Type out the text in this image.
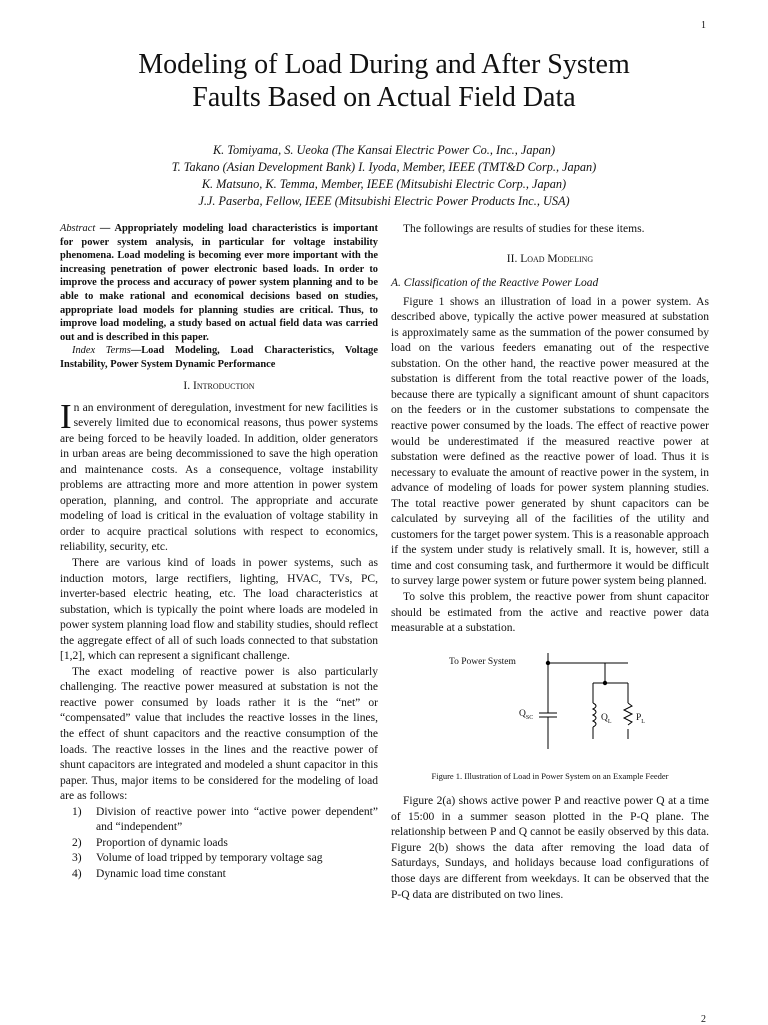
1
Modeling of Load During and After System
Faults Based on Actual Field Data
K. Tomiyama, S. Ueoka (The Kansai Electric Power Co., Inc., Japan)
T. Takano (Asian Development Bank) I. Iyoda, Member, IEEE (TMT&D Corp., Japan)
K. Matsuno, K. Temma, Member, IEEE (Mitsubishi Electric Corp., Japan)
J.J. Paserba, Fellow, IEEE (Mitsubishi Electric Power Products Inc., USA)

Abstract — Appropriately modeling load characteristics is important for power system analysis, in particular for voltage instability phenomena. Load modeling is becoming ever more important with the increasing penetration of power electronic based loads. In order to improve the process and accuracy of power system planning and to be able to make rational and economical decisions based on studies, appropriate load models for planning studies are critical. Thus, to improve load modeling, a study based on actual field data was carried out and is described in this paper.

Index Terms—Load Modeling, Load Characteristics, Voltage Instability, Power System Dynamic Performance

I. Introduction

In an environment of deregulation, investment for new facilities is severely limited due to economical reasons, thus power systems are being forced to be heavily loaded. In addition, older generators in urban areas are being decommissioned to save the high operation and maintenance costs. As a consequence, voltage instability problems are attracting more and more attention in power system operation, planning, and control. The appropriate and accurate modeling of load is critical in the evaluation of voltage stability in order to acquire practical solutions with respect to economics, reliability, security, etc.

There are various kind of loads in power systems, such as induction motors, large rectifiers, lighting, HVAC, TVs, PC, inverter-based electric heating, etc. The load characteristics at substation, which is typically the point where loads are modeled in power system planning load flow and stability studies, should reflect the aggregate effect of all of such loads connected to that substation [1,2], which can represent a significant challenge.

The exact modeling of reactive power is also particularly challenging. The reactive power measured at substation is not the reactive power consumed by loads rather it is the “net” or “compensated” value that includes the reactive losses in the lines, the effect of shunt capacitors and the reactive consumption of the loads. The reactive losses in the lines and the reactive power of shunt capacitors are integrated and modeled a shunt capacitor in this paper. Thus, major items to be considered for the modeling of load are as follows:

1) Division of reactive power into “active power dependent” and “independent”
2) Proportion of dynamic loads
3) Volume of load tripped by temporary voltage sag
4) Dynamic load time constant

The followings are results of studies for these items.

II. Load Modeling
A. Classification of the Reactive Power Load

Figure 1 shows an illustration of load in a power system. As described above, typically the active power measured at substation is approximately same as the summation of the power consumed by load on the various feeders emanating out of the respective substation. On the other hand, the reactive power measured at the substation is different from the total reactive power of the loads, because there are typically a significant amount of shunt capacitors on the feeders or in the customer substations to compensate the reactive power consumed by the loads. The effect of reactive power would be underestimated if the measured reactive power at substation were defined as the reactive power of load. Thus it is necessary to evaluate the amount of reactive power in the system, in advance of modeling of loads for power system planning studies. The total reactive power generated by shunt capacitors can be calculated by surveying all of the facilities of the utility and customers for the target power system. This is a reasonable approach if the system under study is relatively small. It is, however, still a time and cost consuming task, and furthermore it would be difficult to survey large power system or future power system being planned.

To solve this problem, the reactive power from shunt capacitor should be estimated from the active and reactive power data measurable at a substation.

To Power System
$Q_{SC}$	$Q_L$	$P_L$
Figure 1. Illustration of Load in Power System on an Example Feeder

Figure 2(a) shows active power P and reactive power Q at a time of 15:00 in a summer season plotted in the P-Q plane. The relationship between P and Q cannot be easily observed by this data. Figure 2(b) shows the data after removing the load data of Saturdays, Sundays, and holidays because load configurations of those days are different from weekdays. It can be observed that the P-Q data are distributed on two lines.

2
